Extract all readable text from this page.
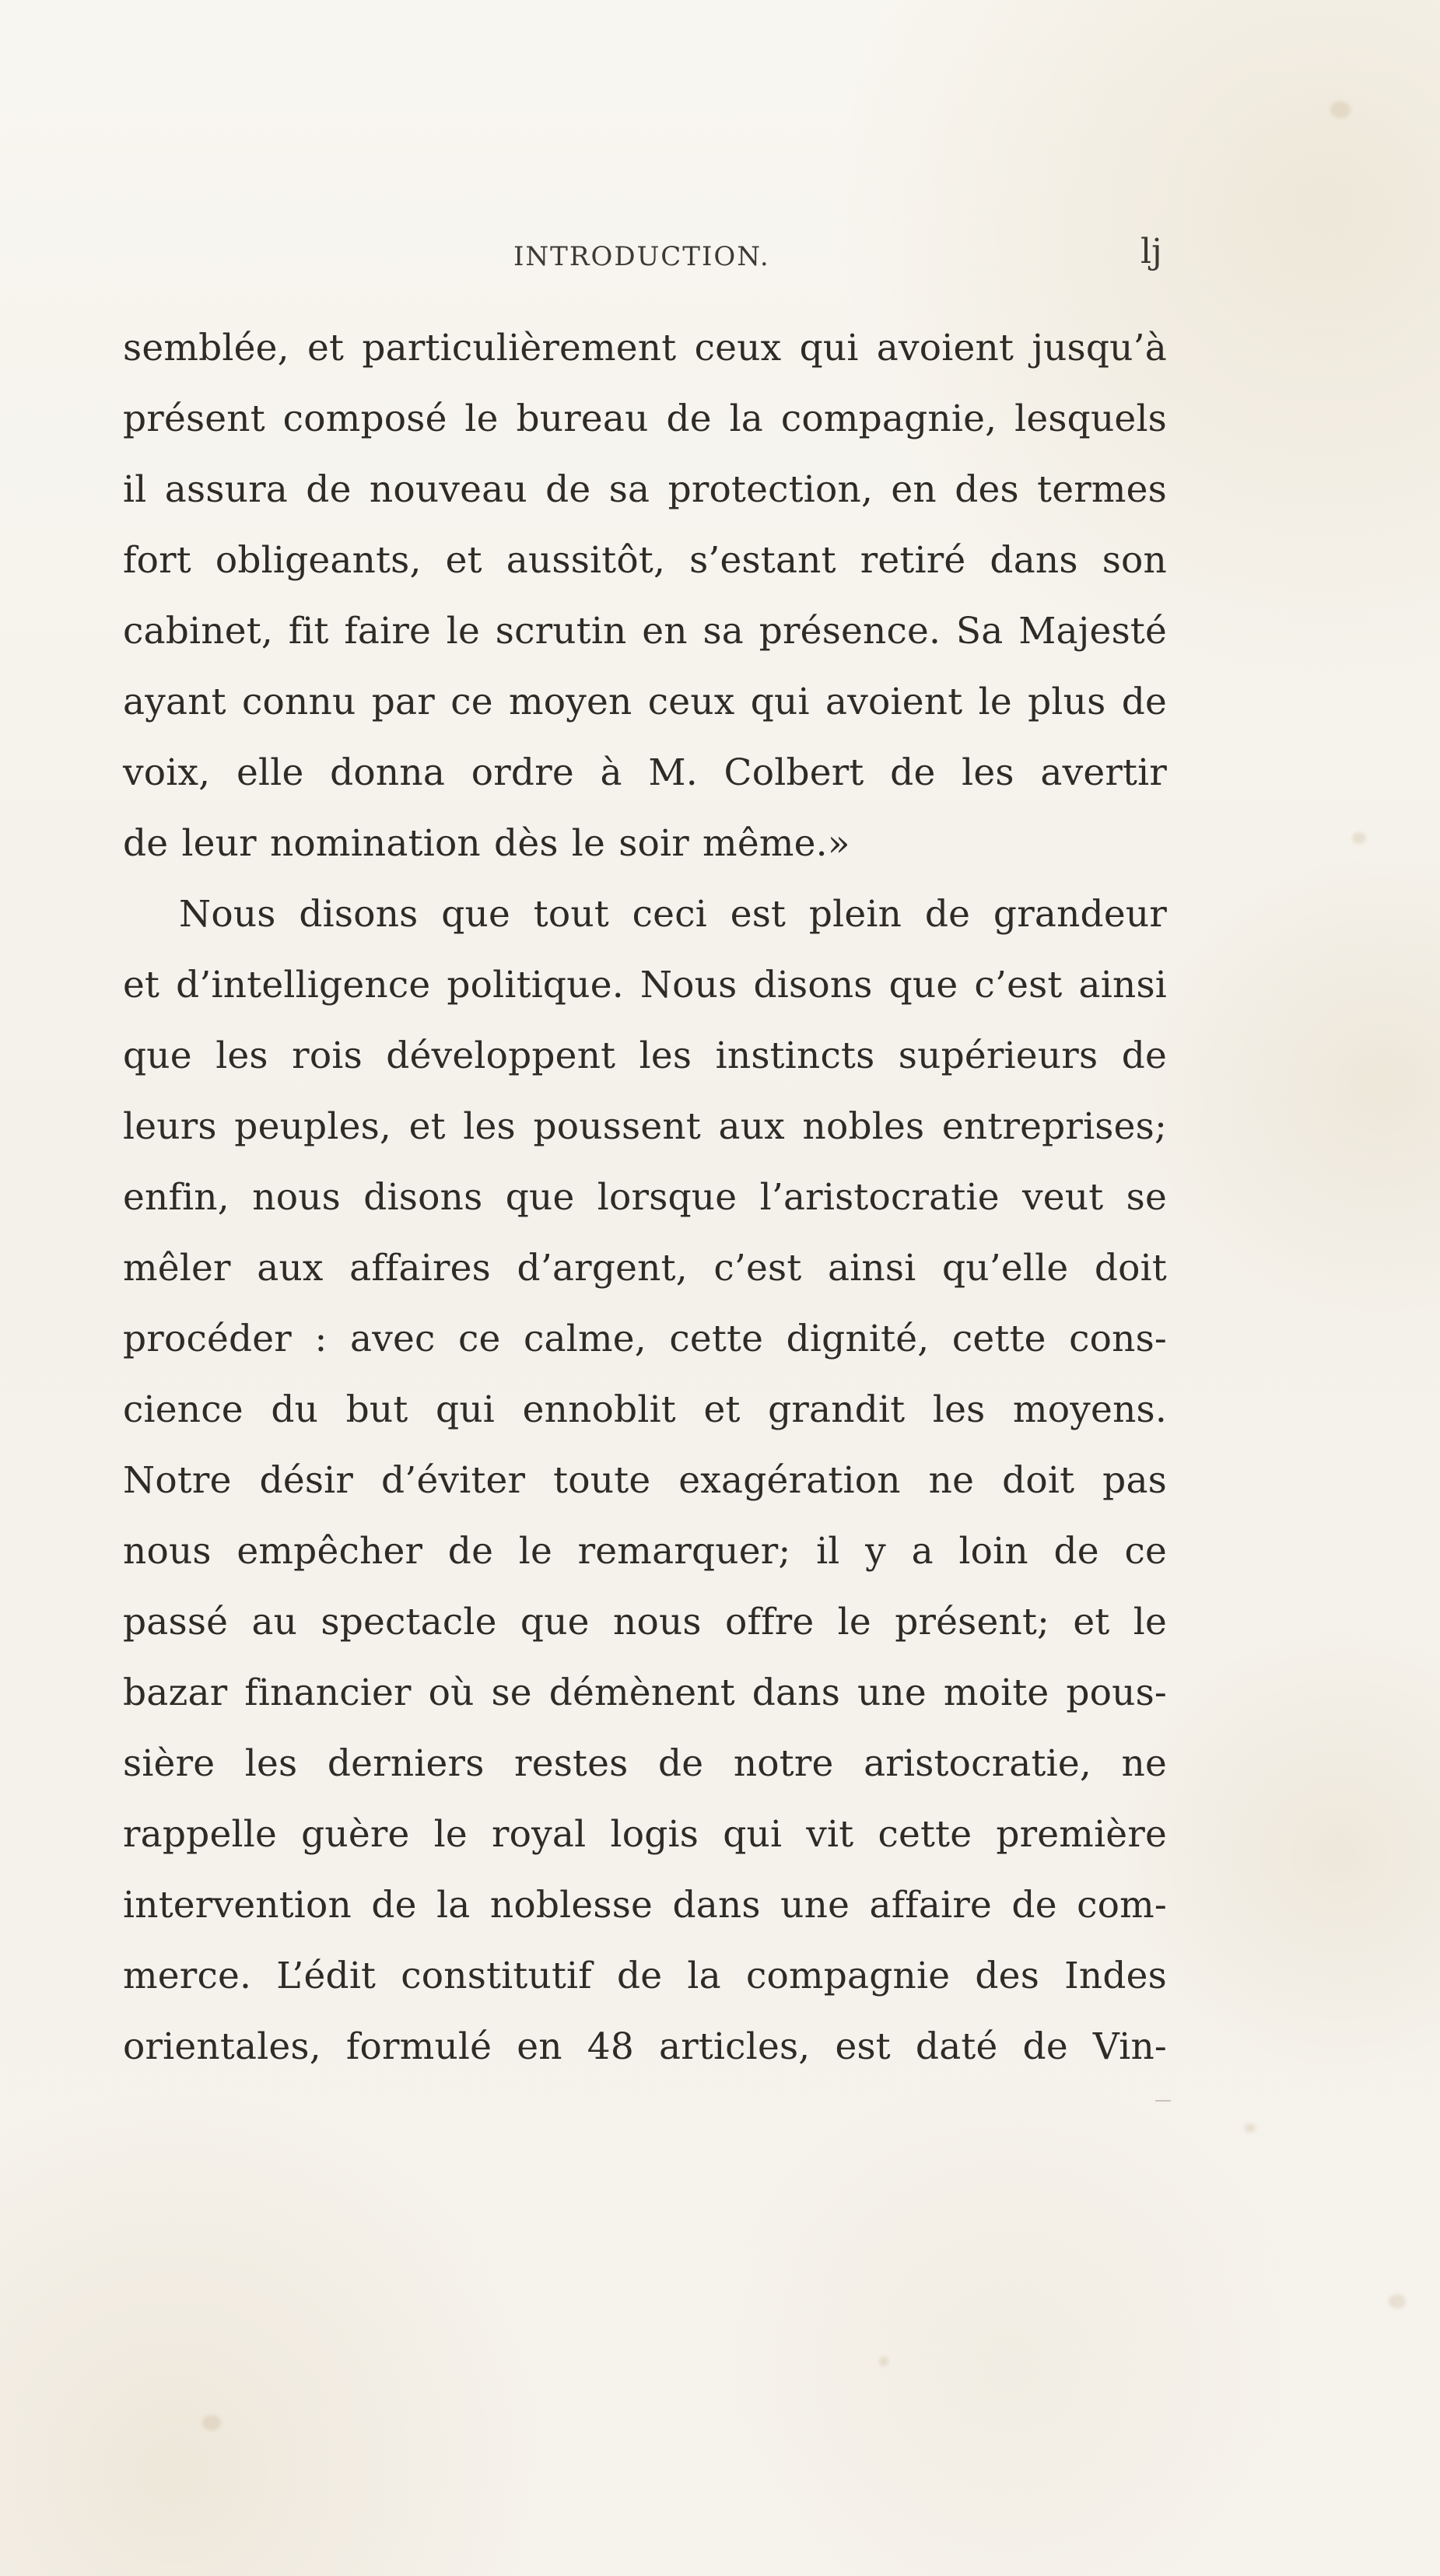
INTRODUCTION.	lj
semblée, et particulièrement ceux qui avoient jusqu’à
présent composé le bureau de la compagnie, lesquels
il assura de nouveau de sa protection, en des termes
fort obligeants, et aussitôt, s’estant retiré dans son
cabinet, fit faire le scrutin en sa présence. Sa Majesté
ayant connu par ce moyen ceux qui avoient le plus de
voix, elle donna ordre à M. Colbert de les avertir
de leur nomination dès le soir même.»
Nous disons que tout ceci est plein de grandeur
et d’intelligence politique. Nous disons que c’est ainsi
que les rois développent les instincts supérieurs de
leurs peuples, et les poussent aux nobles entreprises;
enfin, nous disons que lorsque l’aristocratie veut se
mêler aux affaires d’argent, c’est ainsi qu’elle doit
procéder : avec ce calme, cette dignité, cette cons-
cience du but qui ennoblit et grandit les moyens.
Notre désir d’éviter toute exagération ne doit pas
nous empêcher de le remarquer; il y a loin de ce
passé au spectacle que nous offre le présent; et le
bazar financier où se démènent dans une moite pous-
sière les derniers restes de notre aristocratie, ne
rappelle guère le royal logis qui vit cette première
intervention de la noblesse dans une affaire de com-
merce. L’édit constitutif de la compagnie des Indes
orientales, formulé en 48 articles, est daté de Vin-
